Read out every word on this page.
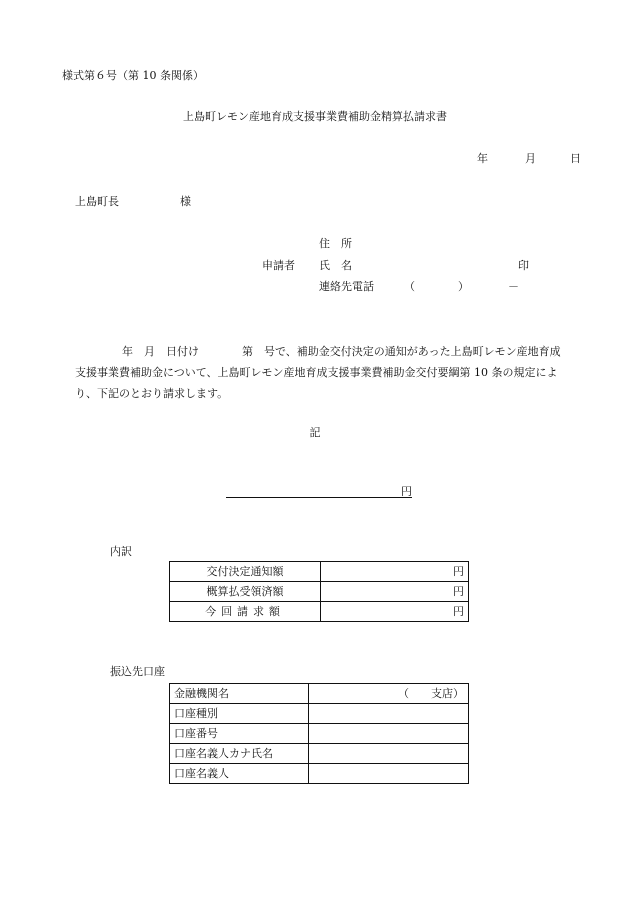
様式第６号（第 10 条関係）
上島町レモン産地育成支援事業費補助金精算払請求書
年	月	日
上島町長	様
住　所
申請者 氏　名	印
連絡先電話	（	）	－
年　月　日付け	第　号で、補助金交付決定の通知があった上島町レモン産地育成
支援事業費補助金について、上島町レモン産地育成支援事業費補助金交付要綱第 10 条の規定によ
り、下記のとおり請求します。
記
円
内訳
交付決定通知額	円
概算払受領済額	円
今回請求額	円
振込先口座
金融機関名	（　　支店）
口座種別	
口座番号	
口座名義人カナ氏名	
口座名義人	
